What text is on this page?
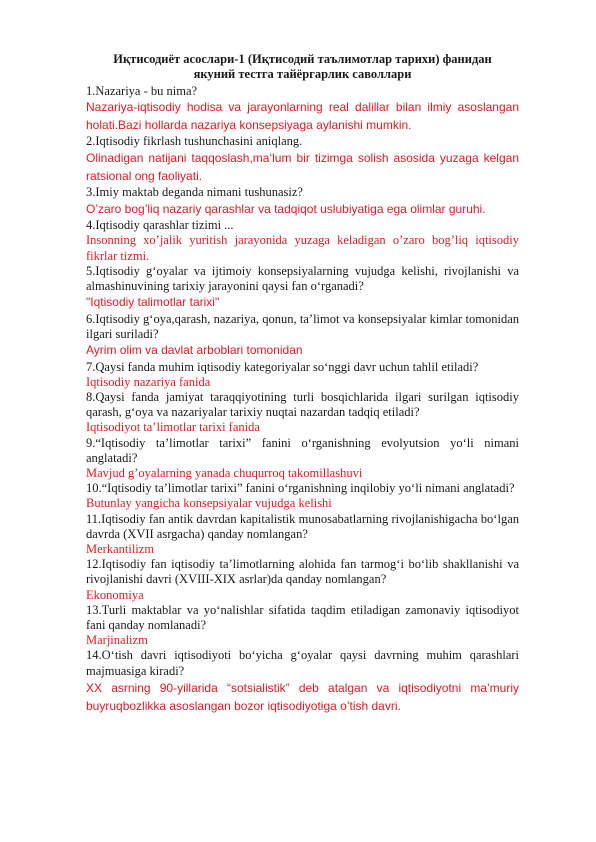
Иқтисодиёт асослари-1 (Иқтисодий таълимотлар тарихи) фанидан
якуний тестга тайёргарлик саволлари

1.Nazariya - bu nima?

Nazariya-iqtisodiy hodisa va jarayonlarning real dalillar bilan ilmiy asoslangan holati.Bazi hollarda nazariya konsepsiyaga aylanishi mumkin.

2.Iqtisodiy fikrlash tushunchasini aniqlang.

Olinadigan natijani taqqoslash,ma‘lum bir tizimga solish asosida yuzaga kelgan ratsional ong faoliyati.

3.Imiy maktab deganda nimani tushunasiz?

O’zaro bog’liq nazariy qarashlar va tadqiqot uslubiyatiga ega olimlar guruhi.

4.Iqtisodiy qarashlar tizimi ...

Insonning xo’jalik yuritish jarayonida yuzaga keladigan o’zaro bog’liq iqtisodiy fikrlar tizmi.

5.Iqtisodiy g‘oyalar va ijtimoiy konsepsiyalarning vujudga kelishi, rivojlanishi va almashinuvining tarixiy jarayonini qaysi fan o‘rganadi?

"Iqtisodiy talimotlar tarixi"

6.Iqtisodiy g‘oya,qarash, nazariya, qonun, ta’limot va konsepsiyalar kimlar tomonidan ilgari suriladi?

Ayrim olim va davlat arboblari tomonidan

7.Qaysi fanda muhim iqtisodiy kategoriyalar so‘nggi davr uchun tahlil etiladi?

Iqtisodiy nazariya fanida

8.Qaysi fanda jamiyat taraqqiyotining turli bosqichlarida ilgari surilgan iqtisodiy qarash, g‘oya va nazariyalar tarixiy nuqtai nazardan tadqiq etiladi?

Iqtisodiyot ta’limotlar tarixi fanida

9.“Iqtisodiy ta’limotlar tarixi” fanini o‘rganishning evolyutsion yo‘li nimani anglatadi?

Mavjud g’oyalarning yanada chuqurroq takomillashuvi

10.“Iqtisodiy ta’limotlar tarixi” fanini o‘rganishning inqilobiy yo‘li nimani anglatadi?

Butunlay yangicha konsepsiyalar vujudga kelishi

11.Iqtisodiy fan antik davrdan kapitalistik munosabatlarning rivojlanishigacha bo‘lgan davrda (XVII asrgacha) qanday nomlangan?

Merkantilizm

12.Iqtisodiy fan iqtisodiy ta’limotlarning alohida fan tarmog‘i bo‘lib shakllanishi va rivojlanishi davri (XVIII-XIX asrlar)da qanday nomlangan?

Ekonomiya

13.Turli maktablar va yo‘nalishlar sifatida taqdim etiladigan zamonaviy iqtisodiyot fani qanday nomlanadi?

Marjinalizm

14.O‘tish davri iqtisodiyoti bo‘yicha g‘oyalar qaysi davrning muhim qarashlari majmuasiga kiradi?

XX asrning 90-yillarida “sotsialistik” deb atalgan va iqtisodiyotni ma’muriy buyruqbozlikka asoslangan bozor iqtisodiyotiga o’tish davri.
